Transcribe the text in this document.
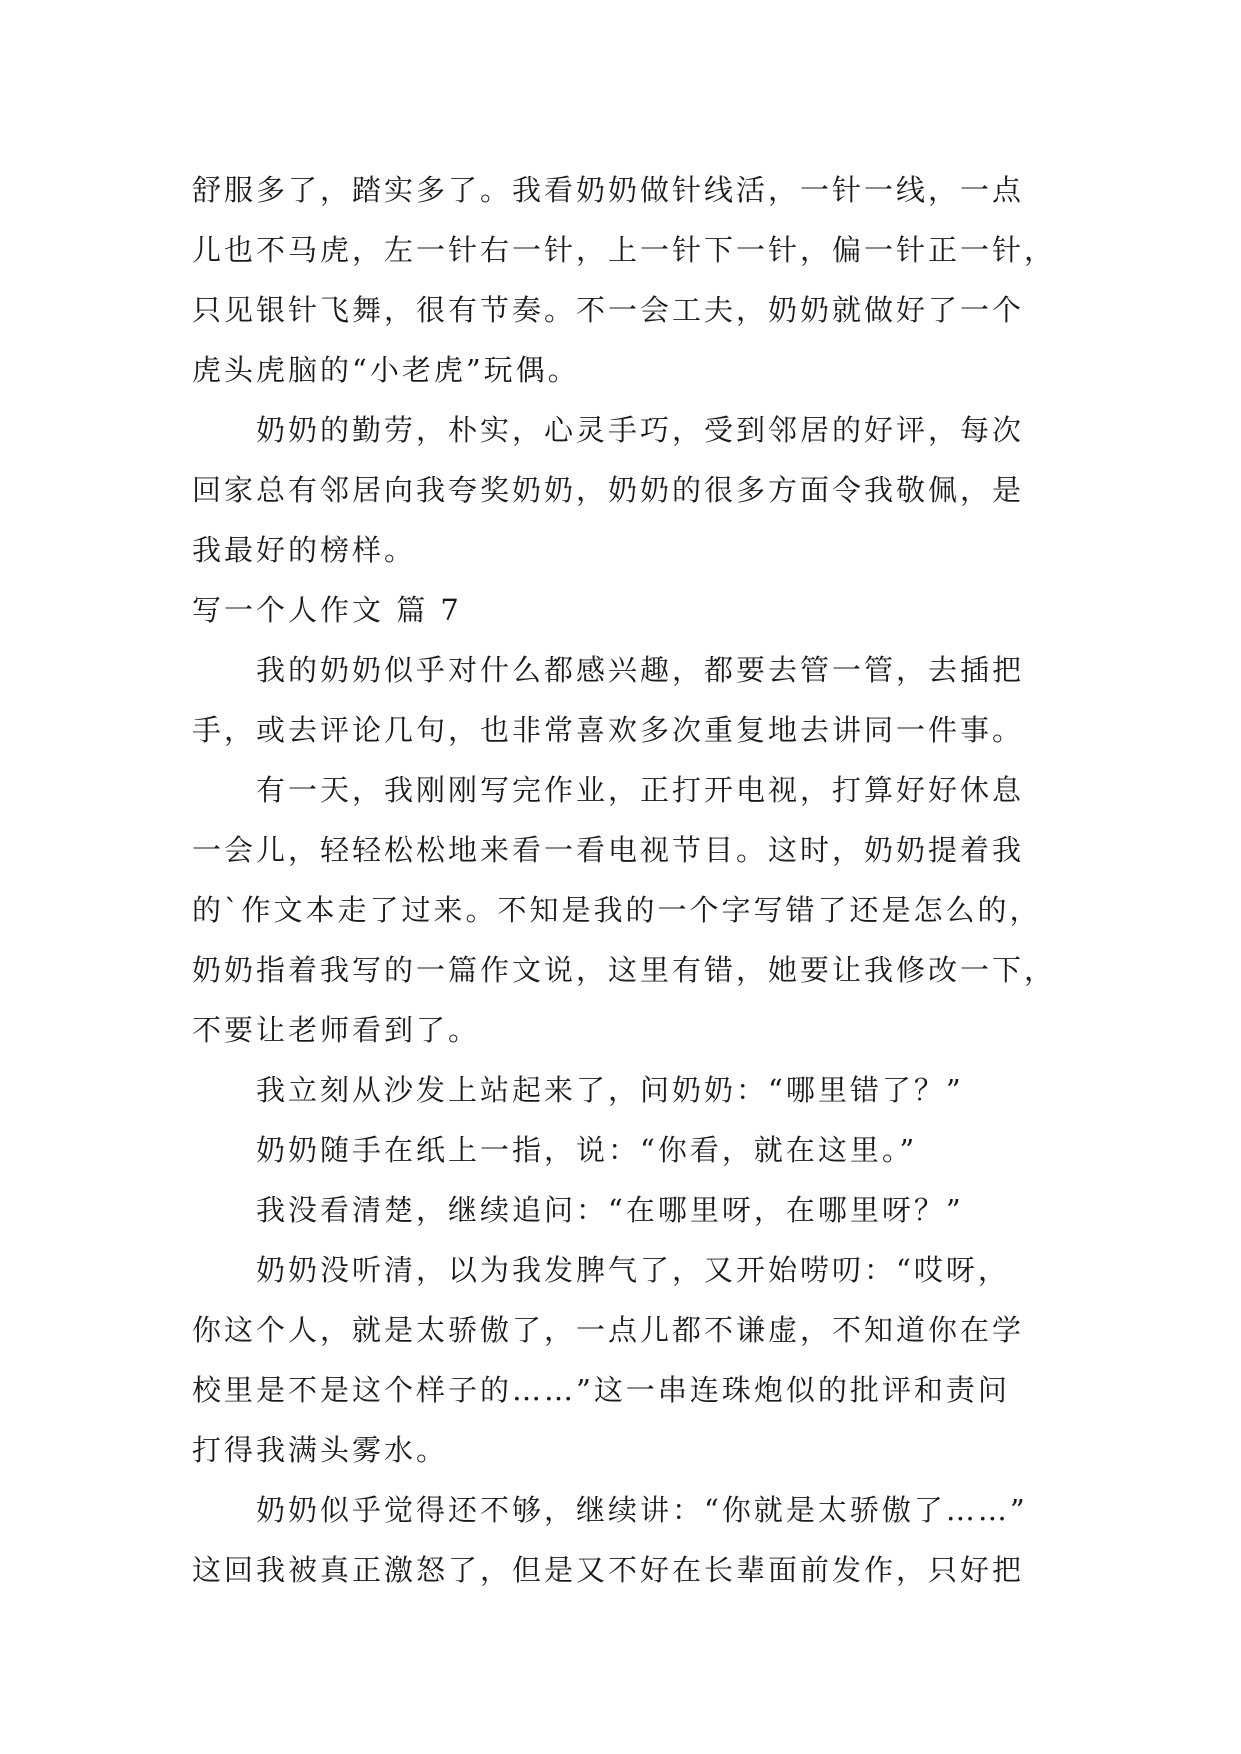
舒服多了，踏实多了。我看奶奶做针线活，一针一线，一点
儿也不马虎，左一针右一针，上一针下一针，偏一针正一针，
只见银针飞舞，很有节奏。不一会工夫，奶奶就做好了一个
虎头虎脑的“小老虎”玩偶。
奶奶的勤劳，朴实，心灵手巧，受到邻居的好评，每次
回家总有邻居向我夸奖奶奶，奶奶的很多方面令我敬佩，是
我最好的榜样。
写一个人作文 篇 7
我的奶奶似乎对什么都感兴趣，都要去管一管，去插把
手，或去评论几句，也非常喜欢多次重复地去讲同一件事。
有一天，我刚刚写完作业，正打开电视，打算好好休息
一会儿，轻轻松松地来看一看电视节目。这时，奶奶提着我
的`作文本走了过来。不知是我的一个字写错了还是怎么的，
奶奶指着我写的一篇作文说，这里有错，她要让我修改一下，
不要让老师看到了。
我立刻从沙发上站起来了，问奶奶：“哪里错了？”
奶奶随手在纸上一指，说：“你看，就在这里。”
我没看清楚，继续追问：“在哪里呀，在哪里呀？”
奶奶没听清，以为我发脾气了，又开始唠叨：“哎呀，
你这个人，就是太骄傲了，一点儿都不谦虚，不知道你在学
校里是不是这个样子的……”这一串连珠炮似的批评和责问
打得我满头雾水。
奶奶似乎觉得还不够，继续讲：“你就是太骄傲了……”
这回我被真正激怒了，但是又不好在长辈面前发作，只好把
